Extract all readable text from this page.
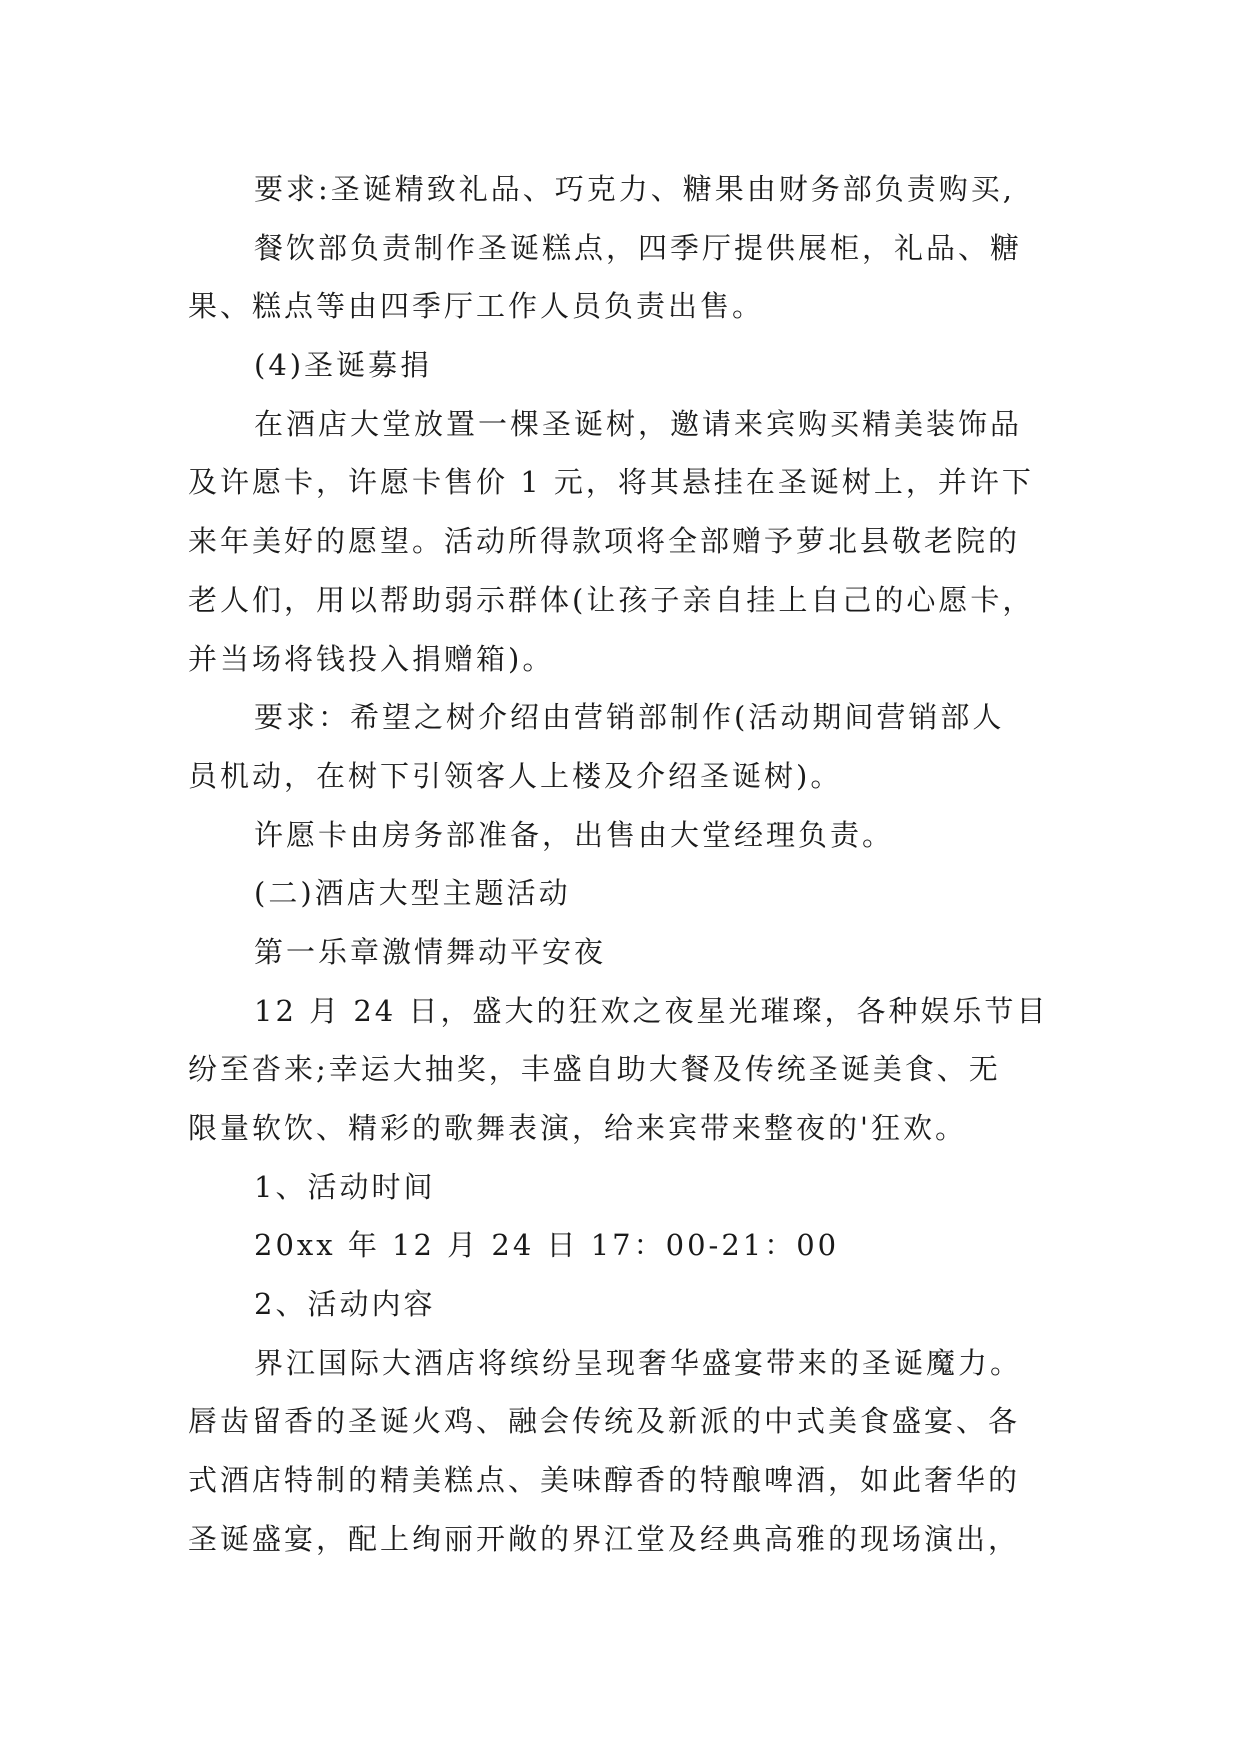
要求:圣诞精致礼品、巧克力、糖果由财务部负责购买,
餐饮部负责制作圣诞糕点，四季厅提供展柜，礼品、糖
果、糕点等由四季厅工作人员负责出售。
(4)圣诞募捐
在酒店大堂放置一棵圣诞树，邀请来宾购买精美装饰品
及许愿卡，许愿卡售价 1 元，将其悬挂在圣诞树上，并许下
来年美好的愿望。活动所得款项将全部赠予萝北县敬老院的
老人们，用以帮助弱示群体(让孩子亲自挂上自己的心愿卡，
并当场将钱投入捐赠箱)。
要求：希望之树介绍由营销部制作(活动期间营销部人
员机动，在树下引领客人上楼及介绍圣诞树)。
许愿卡由房务部准备，出售由大堂经理负责。
(二)酒店大型主题活动
第一乐章激情舞动平安夜
12 月 24 日，盛大的狂欢之夜星光璀璨，各种娱乐节目
纷至沓来;幸运大抽奖，丰盛自助大餐及传统圣诞美食、无
限量软饮、精彩的歌舞表演，给来宾带来整夜的'狂欢。
1、活动时间
20xx 年 12 月 24 日 17：00-21：00
2、活动内容
界江国际大酒店将缤纷呈现奢华盛宴带来的圣诞魔力。
唇齿留香的圣诞火鸡、融会传统及新派的中式美食盛宴、各
式酒店特制的精美糕点、美味醇香的特酿啤酒，如此奢华的
圣诞盛宴，配上绚丽开敞的界江堂及经典高雅的现场演出，
